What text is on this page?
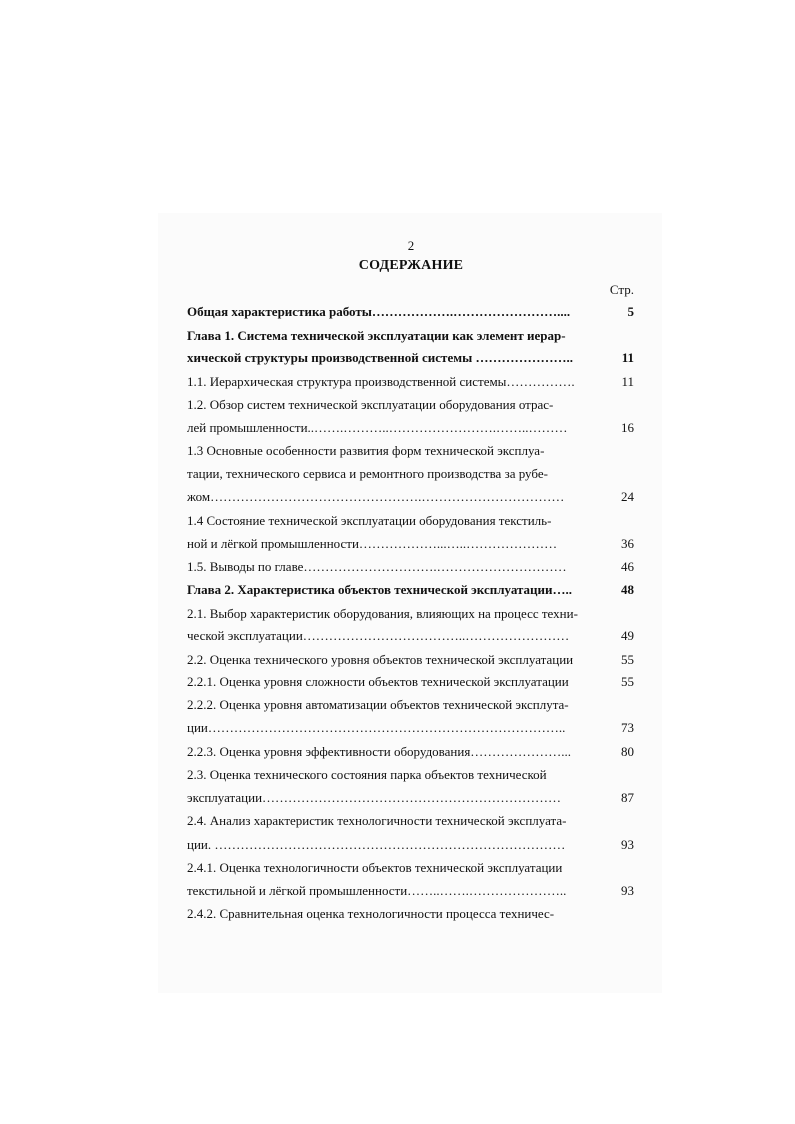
2
СОДЕРЖАНИЕ
Стр.
Общая характеристика работы……………….……………………....	5
Глава 1. Система технической эксплуатации как элемент иерар-
хической структуры производственной системы …………………..	11
1.1. Иерархическая структура производственной системы…………….	11
1.2. Обзор систем технической эксплуатации оборудования отрас-
лей промышленности..…….………..…………………….……..………	16
1.3 Основные особенности развития форм технической эксплуа-
тации, технического сервиса и ремонтного производства за рубе-
жом………………………………………….……………………………	24
1.4 Состояние технической эксплуатации оборудования текстиль-
ной и лёгкой промышленности………………...…..…………………	36
1.5. Выводы по главе………………………….…………………………	46
Глава 2. Характеристика объектов технической эксплуатации…..	48
2.1. Выбор характеристик оборудования, влияющих на процесс техни-
ческой эксплуатации………………………………..……………………	49
2.2. Оценка технического уровня объектов технической эксплуатации	55
2.2.1. Оценка уровня сложности объектов технической эксплуатации	55
2.2.2. Оценка уровня автоматизации объектов технической эксплута-
ции………………………………………………………………………..	73
2.2.3. Оценка уровня эффективности оборудования…………………...	80
2.3. Оценка технического состояния парка объектов технической
эксплуатации……………………………………………………………	87
2.4. Анализ характеристик технологичности технической эксплуата-
ции. ………………………………………………………………………	93
2.4.1. Оценка технологичности объектов технической эксплуатации
текстильной и лёгкой промышленности……..…….…………………..	93
2.4.2. Сравнительная оценка технологичности процесса техничес-
